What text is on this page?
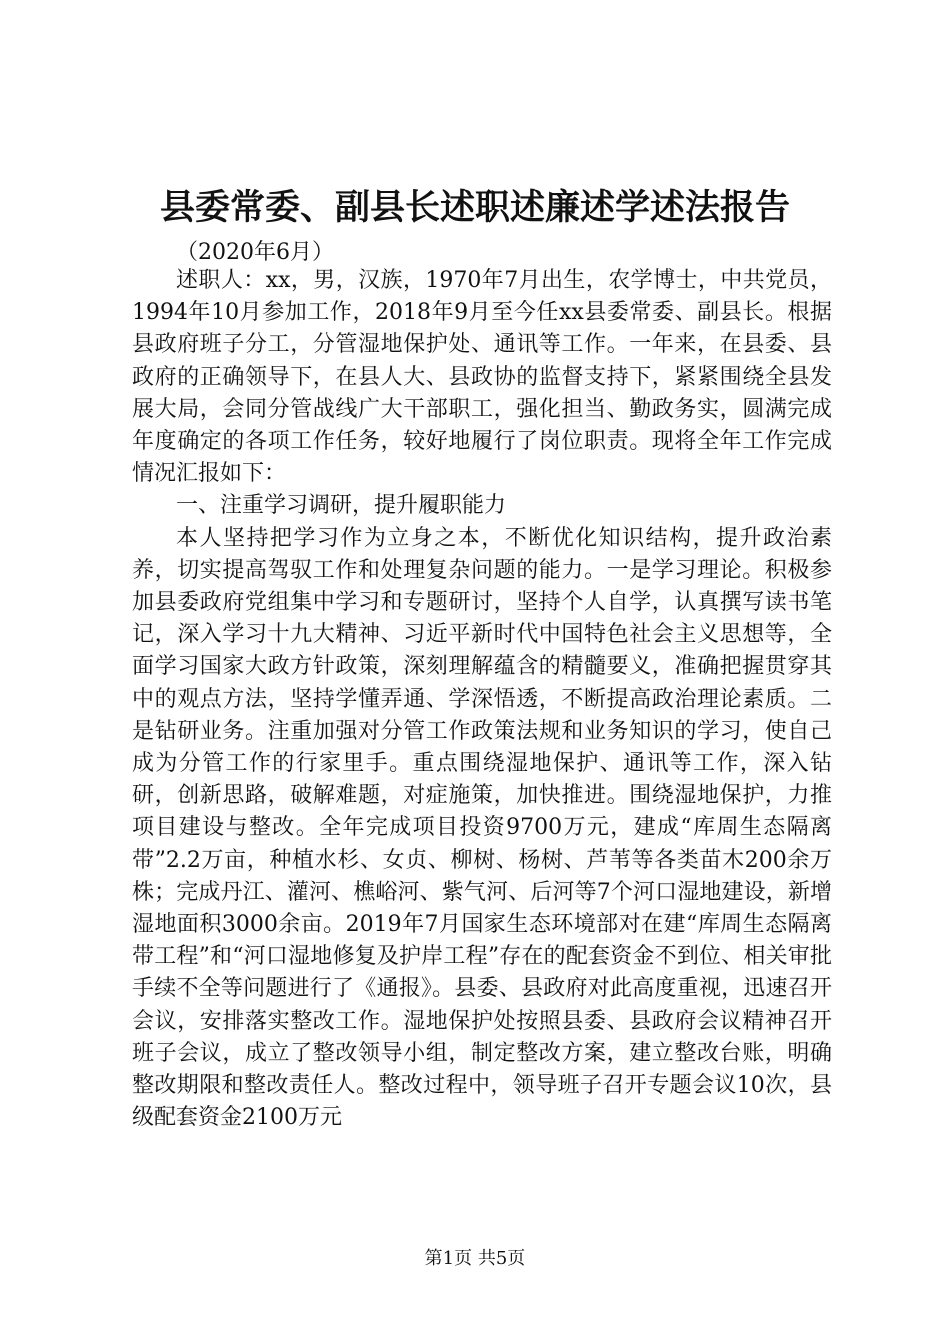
县委常委、副县长述职述廉述学述法报告
（2020年6月）

述职人：xx，男，汉族，1970年7月出生，农学博士，中共党员，1994年10月参加工作，2018年9月至今任xx县委常委、副县长。根据县政府班子分工，分管湿地保护处、通讯等工作。一年来，在县委、县政府的正确领导下，在县人大、县政协的监督支持下，紧紧围绕全县发展大局，会同分管战线广大干部职工，强化担当、勤政务实，圆满完成年度确定的各项工作任务，较好地履行了岗位职责。现将全年工作完成情况汇报如下：

一、注重学习调研，提升履职能力

本人坚持把学习作为立身之本，不断优化知识结构，提升政治素养，切实提高驾驭工作和处理复杂问题的能力。一是学习理论。积极参加县委政府党组集中学习和专题研讨，坚持个人自学，认真撰写读书笔记，深入学习十九大精神、习近平新时代中国特色社会主义思想等，全面学习国家大政方针政策，深刻理解蕴含的精髓要义，准确把握贯穿其中的观点方法，坚持学懂弄通、学深悟透，不断提高政治理论素质。二是钻研业务。注重加强对分管工作政策法规和业务知识的学习，使自己成为分管工作的行家里手。重点围绕湿地保护、通讯等工作，深入钻研，创新思路，破解难题，对症施策，加快推进。围绕湿地保护，力推项目建设与整改。全年完成项目投资9700万元，建成“库周生态隔离带”2.2万亩，种植水杉、女贞、柳树、杨树、芦苇等各类苗木200余万株；完成丹江、灌河、樵峪河、紫气河、后河等7个河口湿地建设，新增湿地面积3000余亩。2019年7月国家生态环境部对在建“库周生态隔离带工程”和“河口湿地修复及护岸工程”存在的配套资金不到位、相关审批手续不全等问题进行了《通报》。县委、县政府对此高度重视，迅速召开会议，安排落实整改工作。湿地保护处按照县委、县政府会议精神召开班子会议，成立了整改领导小组，制定整改方案，建立整改台账，明确整改期限和整改责任人。整改过程中，领导班子召开专题会议10次，县级配套资金2100万元

第1页 共5页
